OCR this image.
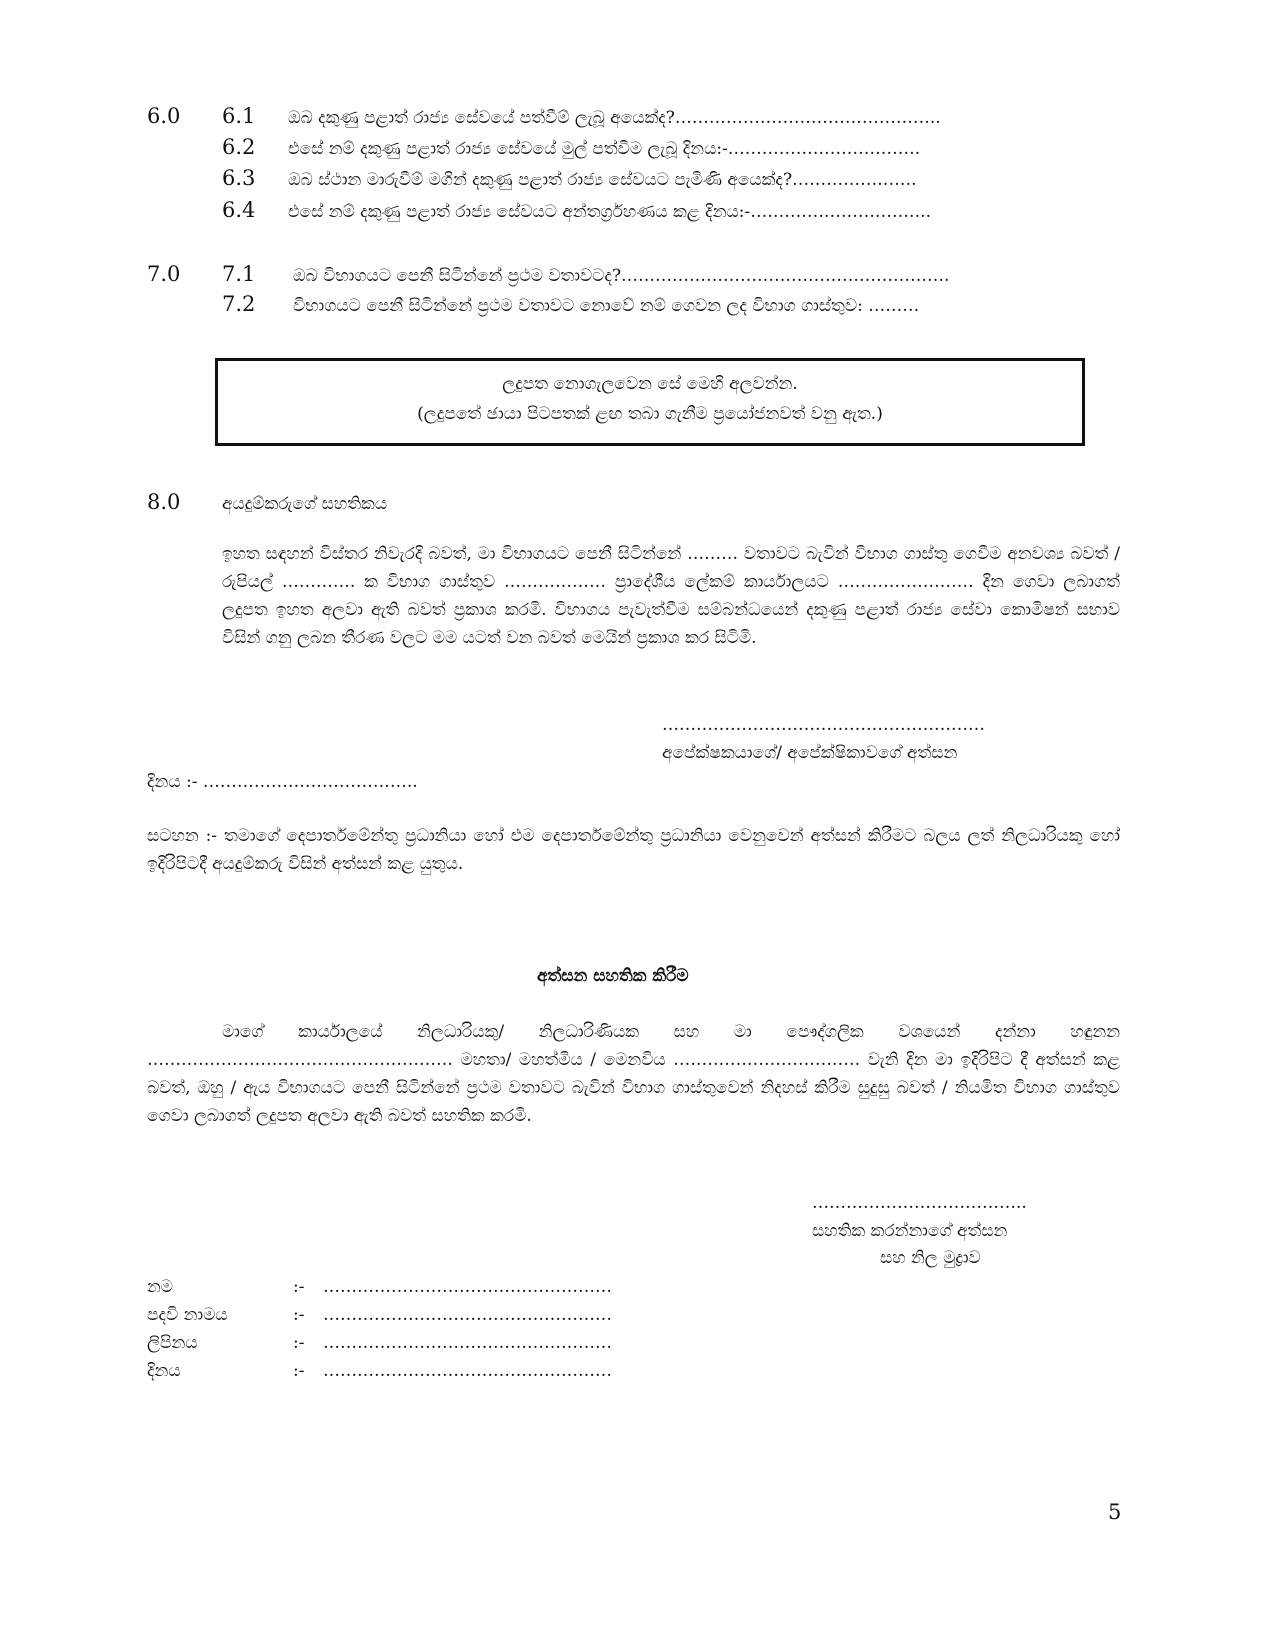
6.0 6.1 ඔබ දකුණු පළාත් රාජ්‍ය සේවයේ පත්වීම් ලැබූ අයෙක්ද?………………………………………..
6.2 එසේ නම් දකුණු පළාත් රාජ්‍ය සේවයේ මුල් පත්වීම ලැබූ දිනය:-…………………………….
6.3 ඔබ ස්ථාන මාරුවීම් මගින් දකුණු පළාත් රාජ්‍ය සේවයට පැමිණි අයෙක්ද?………………….
6.4 එසේ නම් දකුණු පළාත් රාජ්‍ය සේවයට අන්තර්ග්‍රහණය කළ දිනය:-…………………………..
7.0 7.1 ඔබ විභාගයට පෙනී සිටින්නේ ප්‍රථම වතාවටද?………………………………………………….
7.2 විභාගයට පෙනී සිටින්නේ ප්‍රථම වතාවට නොවේ නම් ගෙවන ලද විභාග ගාස්තුව: ………
ලදුපත නොගැලවෙන සේ මෙහි අලවන්න.
(ලදුපතේ ඡායා පිටපතක් ළඟ තබා ගැනීම ප්‍රයෝජනවත් වනු ඇත.)
8.0 අයදුම්කරුගේ සහතිකය
ඉහත සඳහන් විස්තර නිවැරදි බවත්, මා විභාගයට පෙනී සිටින්නේ ……… වතාවට බැවින් විභාග ගාස්තු ගෙවීම අනවශ්‍ය බවත් / රුපියල් …………. ක විභාග ගාස්තුව ……………… ප්‍රාදේශීය ලේකම් කාර්යාලයට …………………… දින ගෙවා ලබාගත් ලදුපත ඉහත අලවා ඇති බවත් ප්‍රකාශ කරමි. විභාගය පැවැත්වීම සම්බන්ධයෙන් දකුණු පළාත් රාජ්‍ය සේවා කොමිෂන් සභාව විසින් ගනු ලබන තීරණ වලට මම යටත් වන බවත් මෙයින් ප්‍රකාශ කර සිටිමි.
…………………………………………………
අපේක්ෂකයාගේ/ අපේක්ෂිකාවගේ අත්සන
දිනය :- ………………………………..
සටහන :- තමාගේ දෙපාර්තමේන්තු ප්‍රධානියා හෝ එම දෙපාර්තමේන්තු ප්‍රධානියා වෙනුවෙන් අත්සන් කිරීමට බලය ලත් නිලධාරියකු හෝ ඉදිරිපිටදී අයදුම්කරු විසින් අත්සන් කළ යුතුය.
අත්සන සහතික කිරීම
මාගේ කාර්යාලයේ නිලධාරියකු/ නිලධාරිණියක සහ මා පෞද්ගලික වශයෙන් දන්නා හඳුනන ……………………………………………… මහතා/ මහත්මිය / මෙනවිය …………………………… වැනි දින මා ඉදිරිපිට දී අත්සන් කළ බවත්, ඔහු / ඇය විභාගයට පෙනී සිටින්නේ ප්‍රථම වතාවට බැවින් විභාග ගාස්තුවෙන් නිදහස් කිරීම සුදුසු බවත් / නියමිත විභාග ගාස්තුව ගෙවා ලබාගත් ලදුපත අලවා ඇති බවත් සහතික කරමි.
………………………………..
සහතික කරන්නාගේ අත්සන
සහ නිල මුද්‍රාව
නම	:- ……………………………………………
පදවි නාමය	:- ……………………………………………
ලිපිනය	:- ……………………………………………
දිනය	:- ……………………………………………
5
